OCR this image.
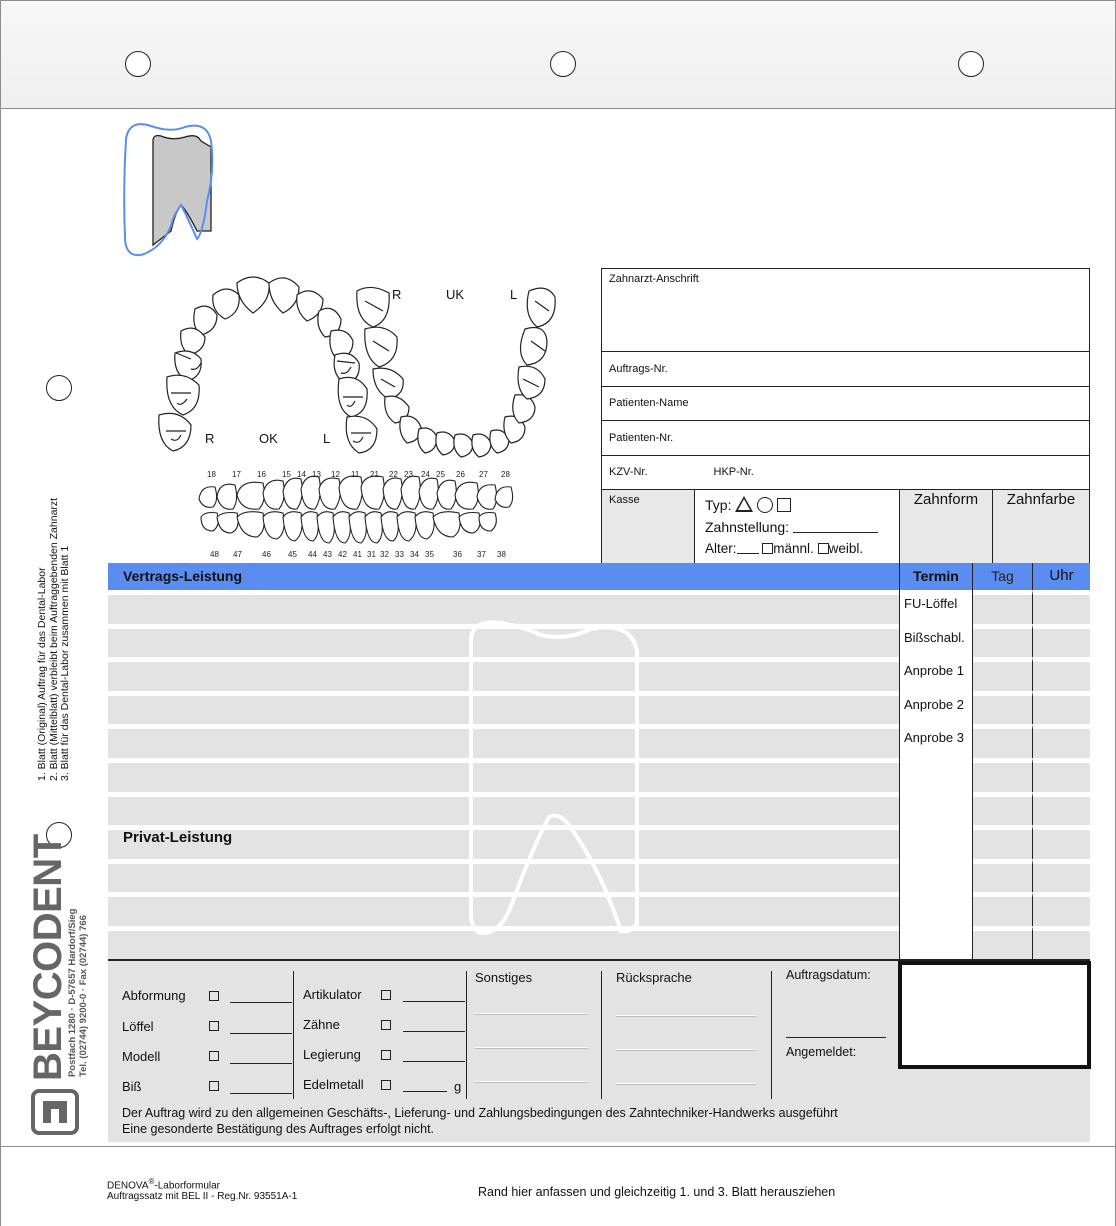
18 17 16 15 14 13 12 11 21 22 23 24 25 26 27 28
48 47	46 45 44 43 42 41 31 32 33 34 35 36 37 38
R	OK	L
R	UK	L
Zahnarzt-Anschrift
Auftrags-Nr.
Patienten-Name
Patienten-Nr.
KZV-Nr.	HKP-Nr.
Kasse	Typ:
Zahnstellung:
Alter:	männl. weibl.
Zahnform	Zahnfarbe
Vertrags-Leistung	Termin	Tag	Uhr
FU-Löffel
Bißschabl.
Anprobe 1
Anprobe 2
Anprobe 3
Privat-Leistung
Abformung
Löffel
Modell
Biß
Artikulator
Zähne
Legierung
Edelmetall	g
Sonstiges	Rücksprache	Auftragsdatum:
Angemeldet:
Der Auftrag wird zu den allgemeinen Geschäfts-, Lieferung- und Zahlungsbedingungen des Zahntechniker-Handwerks ausgeführt
Eine gesonderte Bestätigung des Auftrages erfolgt nicht.
1. Blatt (Original) Auftrag für das Dental-Labor 2. Blatt (Mittelblatt) verbleibt beim Auftraggebenden Zahnarzt 3. Blatt für das Dental-Labor zusammen mit Blatt 1
BEYCODENT
Postfach 1280 · D-57657 Hardorf/Sieg Tel. (02744) 9200-0 · Fax (02744) 766
DENOVA®-Laborformular
Auftragssatz mit BEL II - Reg.Nr. 93551A-1	Rand hier anfassen und gleichzeitig 1. und 3. Blatt herausziehen
